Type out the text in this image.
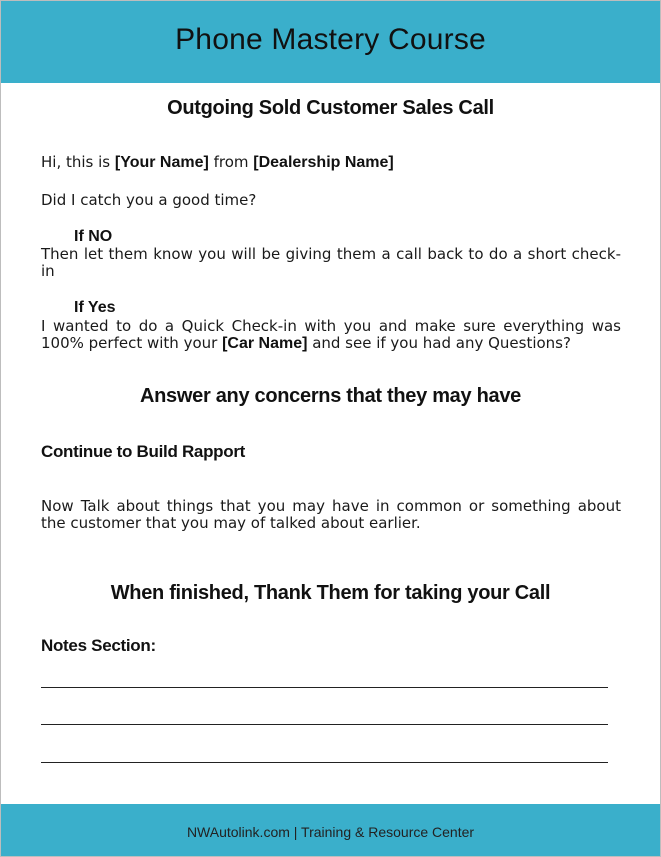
Phone Mastery Course
Outgoing Sold Customer Sales Call
Hi, this is [Your Name] from [Dealership Name]
Did I catch you a good time?
If NO
Then let them know you will be giving them a call back to do a short check-in
If Yes
I wanted to do a Quick Check-in with you and make sure everything was 100% perfect with your [Car Name] and see if you had any Questions?
Answer any concerns that they may have
Continue to Build Rapport
Now Talk about things that you may have in common or something about the customer that you may of talked about earlier.
When finished, Thank Them for taking your Call
Notes Section:
NWAutolink.com | Training & Resource Center
